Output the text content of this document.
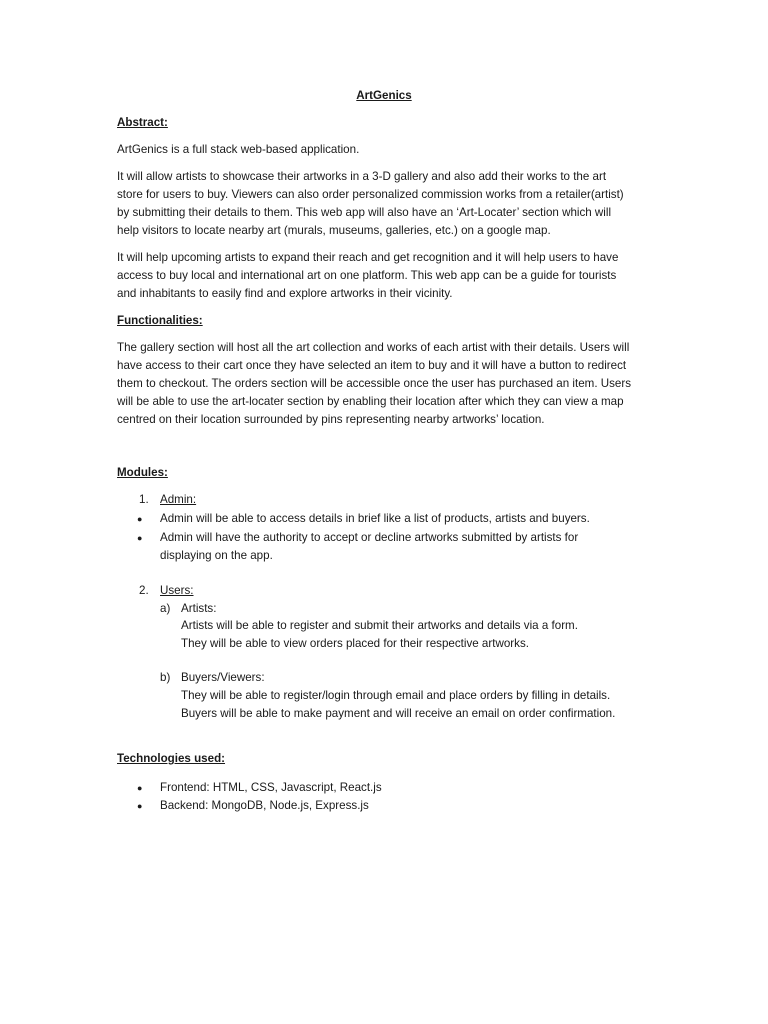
ArtGenics
Abstract:
ArtGenics is a full stack web-based application.
It will allow artists to showcase their artworks in a 3-D gallery and also add their works to the art
store for users to buy. Viewers can also order personalized commission works from a retailer(artist)
by submitting their details to them. This web app will also have an ‘Art-Locater’ section which will
help visitors to locate nearby art (murals, museums, galleries, etc.) on a google map.
It will help upcoming artists to expand their reach and get recognition and it will help users to have
access to buy local and international art on one platform. This web app can be a guide for tourists
and inhabitants to easily find and explore artworks in their vicinity.
Functionalities:
The gallery section will host all the art collection and works of each artist with their details. Users will
have access to their cart once they have selected an item to buy and it will have a button to redirect
them to checkout. The orders section will be accessible once the user has purchased an item. Users
will be able to use the art-locater section by enabling their location after which they can view a map
centred on their location surrounded by pins representing nearby artworks’ location.
Modules:
1. Admin:
●	Admin will be able to access details in brief like a list of products, artists and buyers.
●	Admin will have the authority to accept or decline artworks submitted by artists for
displaying on the app.
2. Users:
a) Artists:
Artists will be able to register and submit their artworks and details via a form.
They will be able to view orders placed for their respective artworks.
b) Buyers/Viewers:
They will be able to register/login through email and place orders by filling in details.
Buyers will be able to make payment and will receive an email on order confirmation.
Technologies used:
●	Frontend: HTML, CSS, Javascript, React.js
●	Backend: MongoDB, Node.js, Express.js
